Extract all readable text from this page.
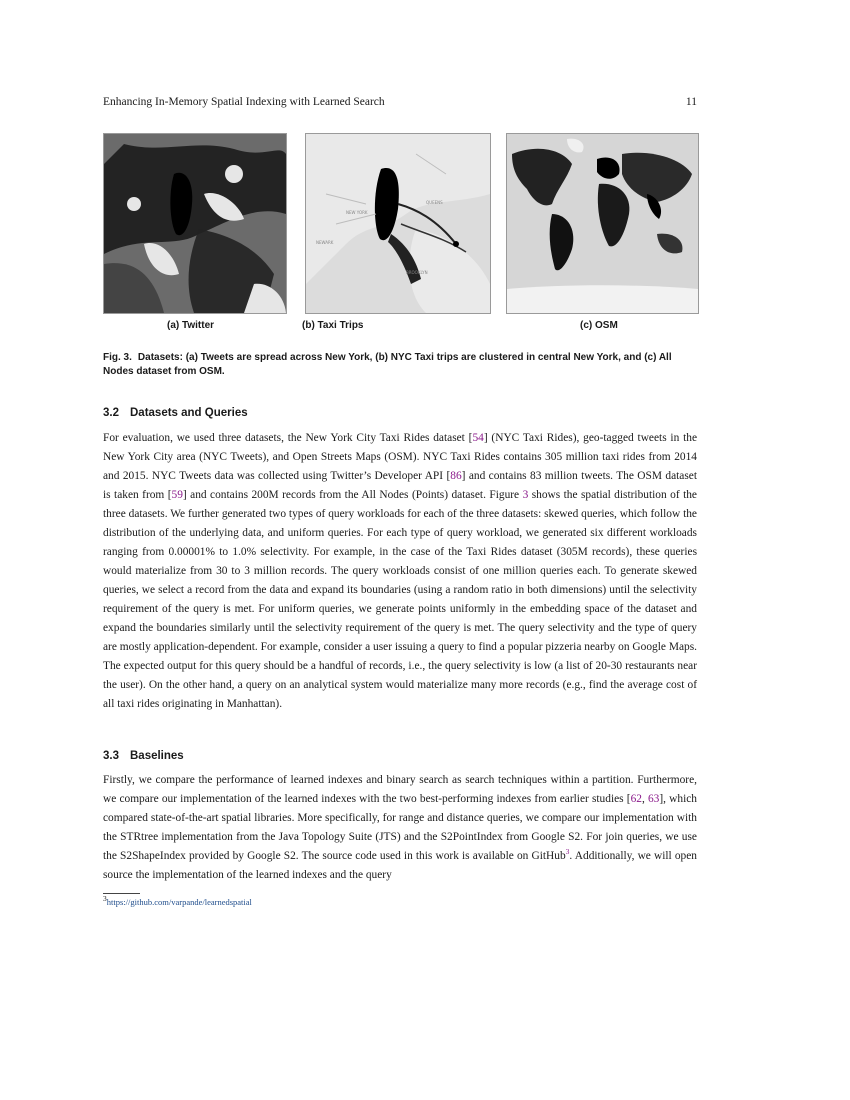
Enhancing In-Memory Spatial Indexing with Learned Search	11
NEW YORK
QUEENS
BROOKLYN
NEWARK
(a) Twitter	(b) Taxi Trips	(c) OSM
Fig. 3. Datasets: (a) Tweets are spread across New York, (b) NYC Taxi trips are clustered in central New York, and (c) All Nodes dataset from OSM.
3.2 Datasets and Queries
For evaluation, we used three datasets, the New York City Taxi Rides dataset [54] (NYC Taxi Rides), geo-tagged tweets in the New York City area (NYC Tweets), and Open Streets Maps (OSM). NYC Taxi Rides contains 305 million taxi rides from 2014 and 2015. NYC Tweets data was collected using Twitter’s Developer API [86] and contains 83 million tweets. The OSM dataset is taken from [59] and contains 200M records from the All Nodes (Points) dataset. Figure 3 shows the spatial distribution of the three datasets. We further generated two types of query workloads for each of the three datasets: skewed queries, which follow the distribution of the underlying data, and uniform queries. For each type of query workload, we generated six different workloads ranging from 0.00001% to 1.0% selectivity. For example, in the case of the Taxi Rides dataset (305M records), these queries would materialize from 30 to 3 million records. The query workloads consist of one million queries each. To generate skewed queries, we select a record from the data and expand its boundaries (using a random ratio in both dimensions) until the selectivity requirement of the query is met. For uniform queries, we generate points uniformly in the embedding space of the dataset and expand the boundaries similarly until the selectivity requirement of the query is met. The query selectivity and the type of query are mostly application-dependent. For example, consider a user issuing a query to find a popular pizzeria nearby on Google Maps. The expected output for this query should be a handful of records, i.e., the query selectivity is low (a list of 20-30 restaurants near the user). On the other hand, a query on an analytical system would materialize many more records (e.g., find the average cost of all taxi rides originating in Manhattan).
3.3 Baselines
Firstly, we compare the performance of learned indexes and binary search as search techniques within a partition. Furthermore, we compare our implementation of the learned indexes with the two best-performing indexes from earlier studies [62, 63], which compared state-of-the-art spatial libraries. More specifically, for range and distance queries, we compare our implementation with the STRtree implementation from the Java Topology Suite (JTS) and the S2PointIndex from Google S2. For join queries, we use the S2ShapeIndex provided by Google S2. The source code used in this work is available on GitHub$^3$. Additionally, we will open source the implementation of the learned indexes and the query
3https://github.com/varpande/learnedspatial
